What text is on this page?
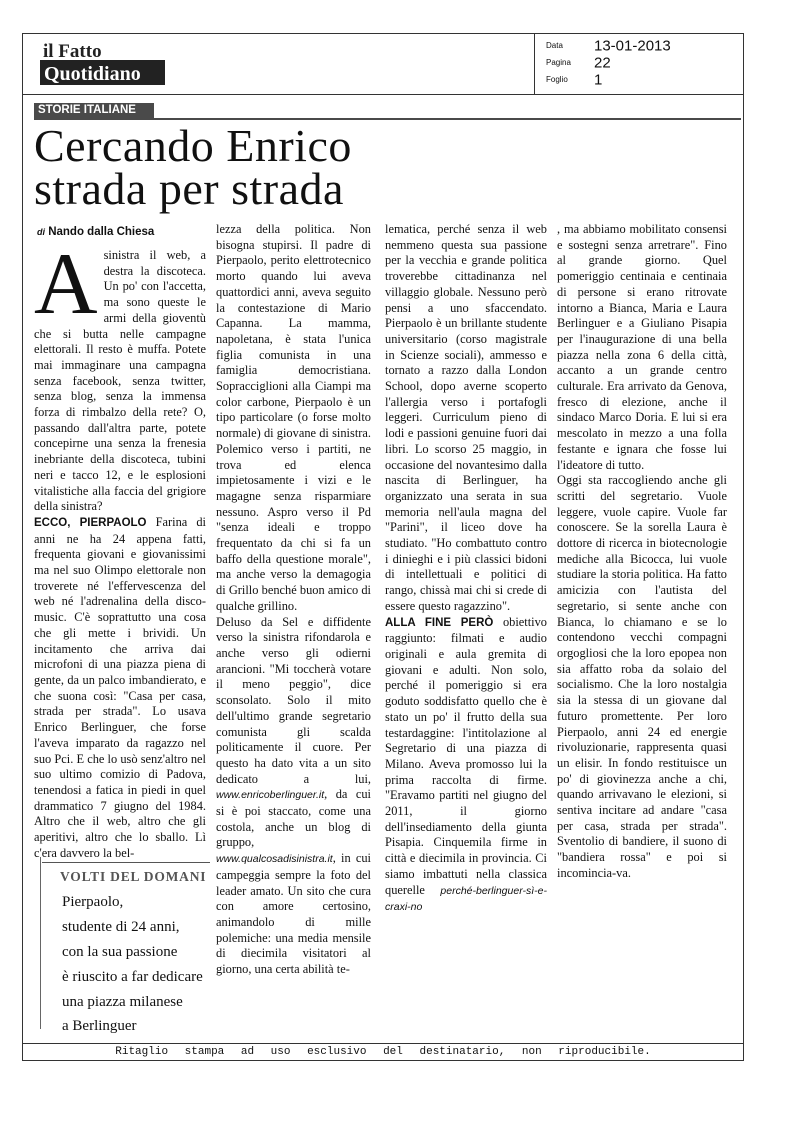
il Fatto
Quotidiano
Data 13-01-2013
Pagina 22
Foglio 1
STORIE ITALIANE
Cercando Enrico
strada per strada
di Nando dalla Chiesa

Asinistra il web, a destra la discoteca. Un po' con l'accetta, ma sono queste le armi della gioventù che si butta nelle campagne elettorali. Il resto è muffa. Potete mai immaginare una campagna senza facebook, senza twitter, senza blog, senza la immensa forza di rimbalzo della rete? O, passando dall'altra parte, potete concepirne una senza la frenesia inebriante della discoteca, tubini neri e tacco 12, e le esplosioni vitalistiche alla faccia del grigiore della sinistra?

ECCO, PIERPAOLO Farina di anni ne ha 24 appena fatti, frequenta giovani e giovanissimi ma nel suo Olimpo elettorale non troverete né l'effervescenza del web né l'adrenalina della disco-music. C'è soprattutto una cosa che gli mette i brividi. Un incitamento che arriva dai microfoni di una piazza piena di gente, da un palco imbandierato, e che suona così: "Casa per casa, strada per strada". Lo usava Enrico Berlinguer, che forse l'aveva imparato da ragazzo nel suo Pci. E che lo usò senz'altro nel suo ultimo comizio di Padova, tenendosi a fatica in piedi in quel drammatico 7 giugno del 1984. Altro che il web, altro che gli aperitivi, altro che lo sballo. Lì c'era davvero la bel-

lezza della politica. Non bisogna stupirsi. Il padre di Pierpaolo, perito elettrotecnico morto quando lui aveva quattordici anni, aveva seguito la contestazione di Mario Capanna. La mamma, napoletana, è stata l'unica figlia comunista in una famiglia democristiana. Sopracciglioni alla Ciampi ma color carbone, Pierpaolo è un tipo particolare (o forse molto normale) di giovane di sinistra. Polemico verso i partiti, ne trova ed elenca impietosamente i vizi e le magagne senza risparmiare nessuno. Aspro verso il Pd "senza ideali e troppo frequentato da chi si fa un baffo della questione morale", ma anche verso la demagogia di Grillo benché buon amico di qualche grillino.

Deluso da Sel e diffidente verso la sinistra rifondarola e anche verso gli odierni arancioni. "Mi toccherà votare il meno peggio", dice sconsolato. Solo il mito dell'ultimo grande segretario comunista gli scalda politicamente il cuore. Per questo ha dato vita a un sito dedicato a lui, www.enricoberlinguer.it, da cui si è poi staccato, come una costola, anche un blog di gruppo, www.qualcosadisinistra.it, in cui campeggia sempre la foto del leader amato. Un sito che cura con amore certosino, animandolo di mille polemiche: una media mensile di diecimila visitatori al giorno, una certa abilità te-

lematica, perché senza il web nemmeno questa sua passione per la vecchia e grande politica troverebbe cittadinanza nel villaggio globale. Nessuno però pensi a uno sfaccendato. Pierpaolo è un brillante studente universitario (corso magistrale in Scienze sociali), ammesso e tornato a razzo dalla London School, dopo averne scoperto l'allergia verso i portafogli leggeri. Curriculum pieno di lodi e passioni genuine fuori dai libri. Lo scorso 25 maggio, in occasione del novantesimo dalla nascita di Berlinguer, ha organizzato una serata in sua memoria nell'aula magna del "Parini", il liceo dove ha studiato. "Ho combattuto contro i dinieghi e i più classici bidoni di intellettuali e politici di rango, chissà mai chi si crede di essere questo ragazzino".

ALLA FINE PERÒ obiettivo raggiunto: filmati e audio originali e aula gremita di giovani e adulti. Non solo, perché il pomeriggio si era goduto soddisfatto quello che è stato un po' il frutto della sua testardaggine: l'intitolazione al Segretario di una piazza di Milano. Aveva promosso lui la prima raccolta di firme. "Eravamo partiti nel giugno del 2011, il giorno dell'insediamento della giunta Pisapia. Cinquemila firme in città e diecimila in provincia. Ci siamo imbattuti nella classica querelle perché-berlinguer-sì-e-craxi-no

, ma abbiamo mobilitato consensi e sostegni senza arretrare". Fino al grande giorno. Quel pomeriggio centinaia e centinaia di persone si erano ritrovate intorno a Bianca, Maria e Laura Berlinguer e a Giuliano Pisapia per l'inaugurazione di una bella piazza nella zona 6 della città, accanto a un grande centro culturale. Era arrivato da Genova, fresco di elezione, anche il sindaco Marco Doria. E lui si era mescolato in mezzo a una folla festante e ignara che fosse lui l'ideatore di tutto.

Oggi sta raccogliendo anche gli scritti del segretario. Vuole leggere, vuole capire. Vuole far conoscere. Se la sorella Laura è dottore di ricerca in biotecnologie mediche alla Bicocca, lui vuole studiare la storia politica. Ha fatto amicizia con l'autista del segretario, si sente anche con Bianca, lo chiamano e se lo contendono vecchi compagni orgogliosi che la loro epopea non sia affatto roba da solaio del socialismo. Che la loro nostalgia sia la stessa di un giovane dal futuro promettente. Per loro Pierpaolo, anni 24 ed energie rivoluzionarie, rappresenta quasi un elisir. In fondo restituisce un po' di giovinezza anche a chi, quando arrivavano le elezioni, si sentiva incitare ad andare "casa per casa, strada per strada". Sventolio di bandiere, il suono di "bandiera rossa" e poi si incomincia-va.

VOLTI DEL DOMANI
Pierpaolo,
studente di 24 anni,
con la sua passione
è riuscito a far dedicare
una piazza milanese
a Berlinguer
Ritaglio stampa ad uso esclusivo del destinatario, non riproducibile.
